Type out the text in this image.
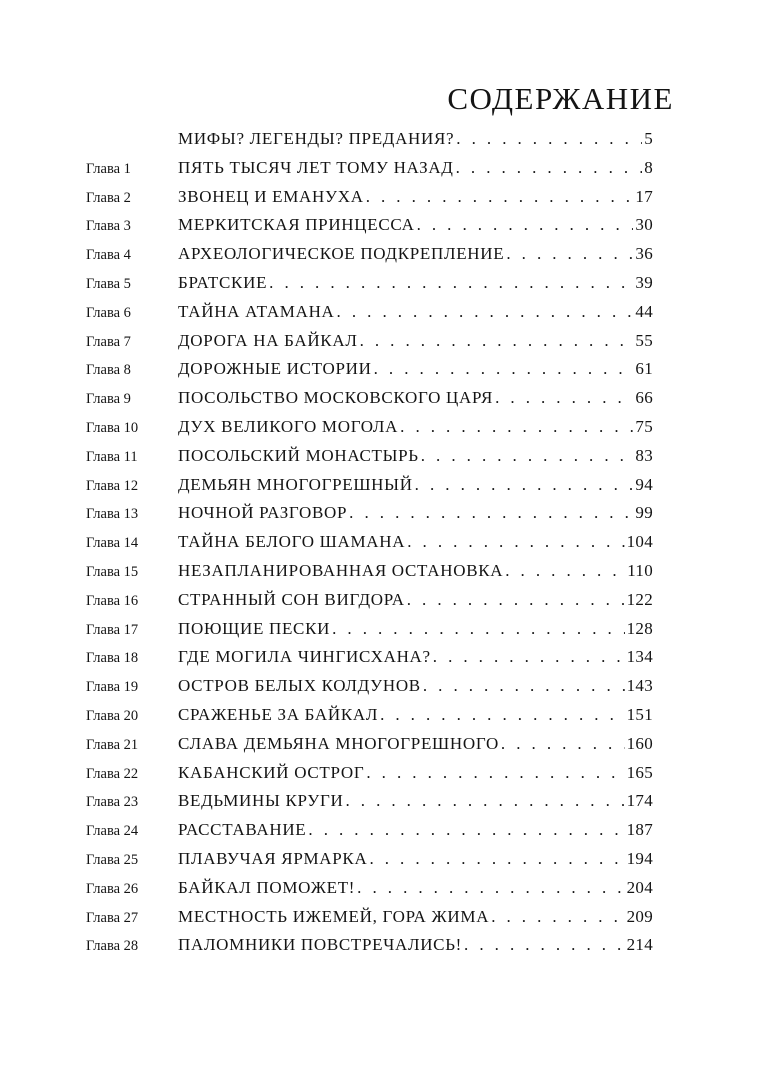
СОДЕРЖАНИЕ
МИФЫ? ЛЕГЕНДЫ? ПРЕДАНИЯ? . . .	5
Глава 1	ПЯТЬ ТЫСЯЧ ЛЕТ ТОМУ НАЗАД . . .	8
Глава 2	ЗВОНЕЦ И ЕМАНУХА . . .	17
Глава 3	МЕРКИТСКАЯ ПРИНЦЕССА . . .	30
Глава 4	АРХЕОЛОГИЧЕСКОЕ ПОДКРЕПЛЕНИЕ . . .	36
Глава 5	БРАТСКИЕ . . .	39
Глава 6	ТАЙНА АТАМАНА . . .	44
Глава 7	ДОРОГА НА БАЙКАЛ . . .	55
Глава 8	ДОРОЖНЫЕ ИСТОРИИ . . .	61
Глава 9	ПОСОЛЬСТВО МОСКОВСКОГО ЦАРЯ . . .	66
Глава 10 ДУХ ВЕЛИКОГО МОГОЛА . . .	75
Глава 11 ПОСОЛЬСКИЙ МОНАСТЫРЬ . . .	83
Глава 12 ДЕМЬЯН МНОГОГРЕШНЫЙ . . .	94
Глава 13 НОЧНОЙ РАЗГОВОР . . .	99
Глава 14 ТАЙНА БЕЛОГО ШАМАНА . . .	104
Глава 15 НЕЗАПЛАНИРОВАННАЯ ОСТАНОВКА . . .	110
Глава 16 СТРАННЫЙ СОН ВИГДОРА . . .	122
Глава 17 ПОЮЩИЕ ПЕСКИ . . .	128
Глава 18 ГДЕ МОГИЛА ЧИНГИСХАНА? . . .	134
Глава 19 ОСТРОВ БЕЛЫХ КОЛДУНОВ . . .	143
Глава 20 СРАЖЕНЬЕ ЗА БАЙКАЛ . . .	151
Глава 21 СЛАВА ДЕМЬЯНА МНОГОГРЕШНОГО . . .	160
Глава 22 КАБАНСКИЙ ОСТРОГ . . .	165
Глава 23 ВЕДЬМИНЫ КРУГИ . . .	174
Глава 24 РАССТАВАНИЕ . . .	187
Глава 25 ПЛАВУЧАЯ ЯРМАРКА . . .	194
Глава 26 БАЙКАЛ ПОМОЖЕТ! . . .	204
Глава 27 МЕСТНОСТЬ ИЖЕМЕЙ, ГОРА ЖИМА . . .	209
Глава 28 ПАЛОМНИКИ ПОВСТРЕЧАЛИСЬ! . . .	214
